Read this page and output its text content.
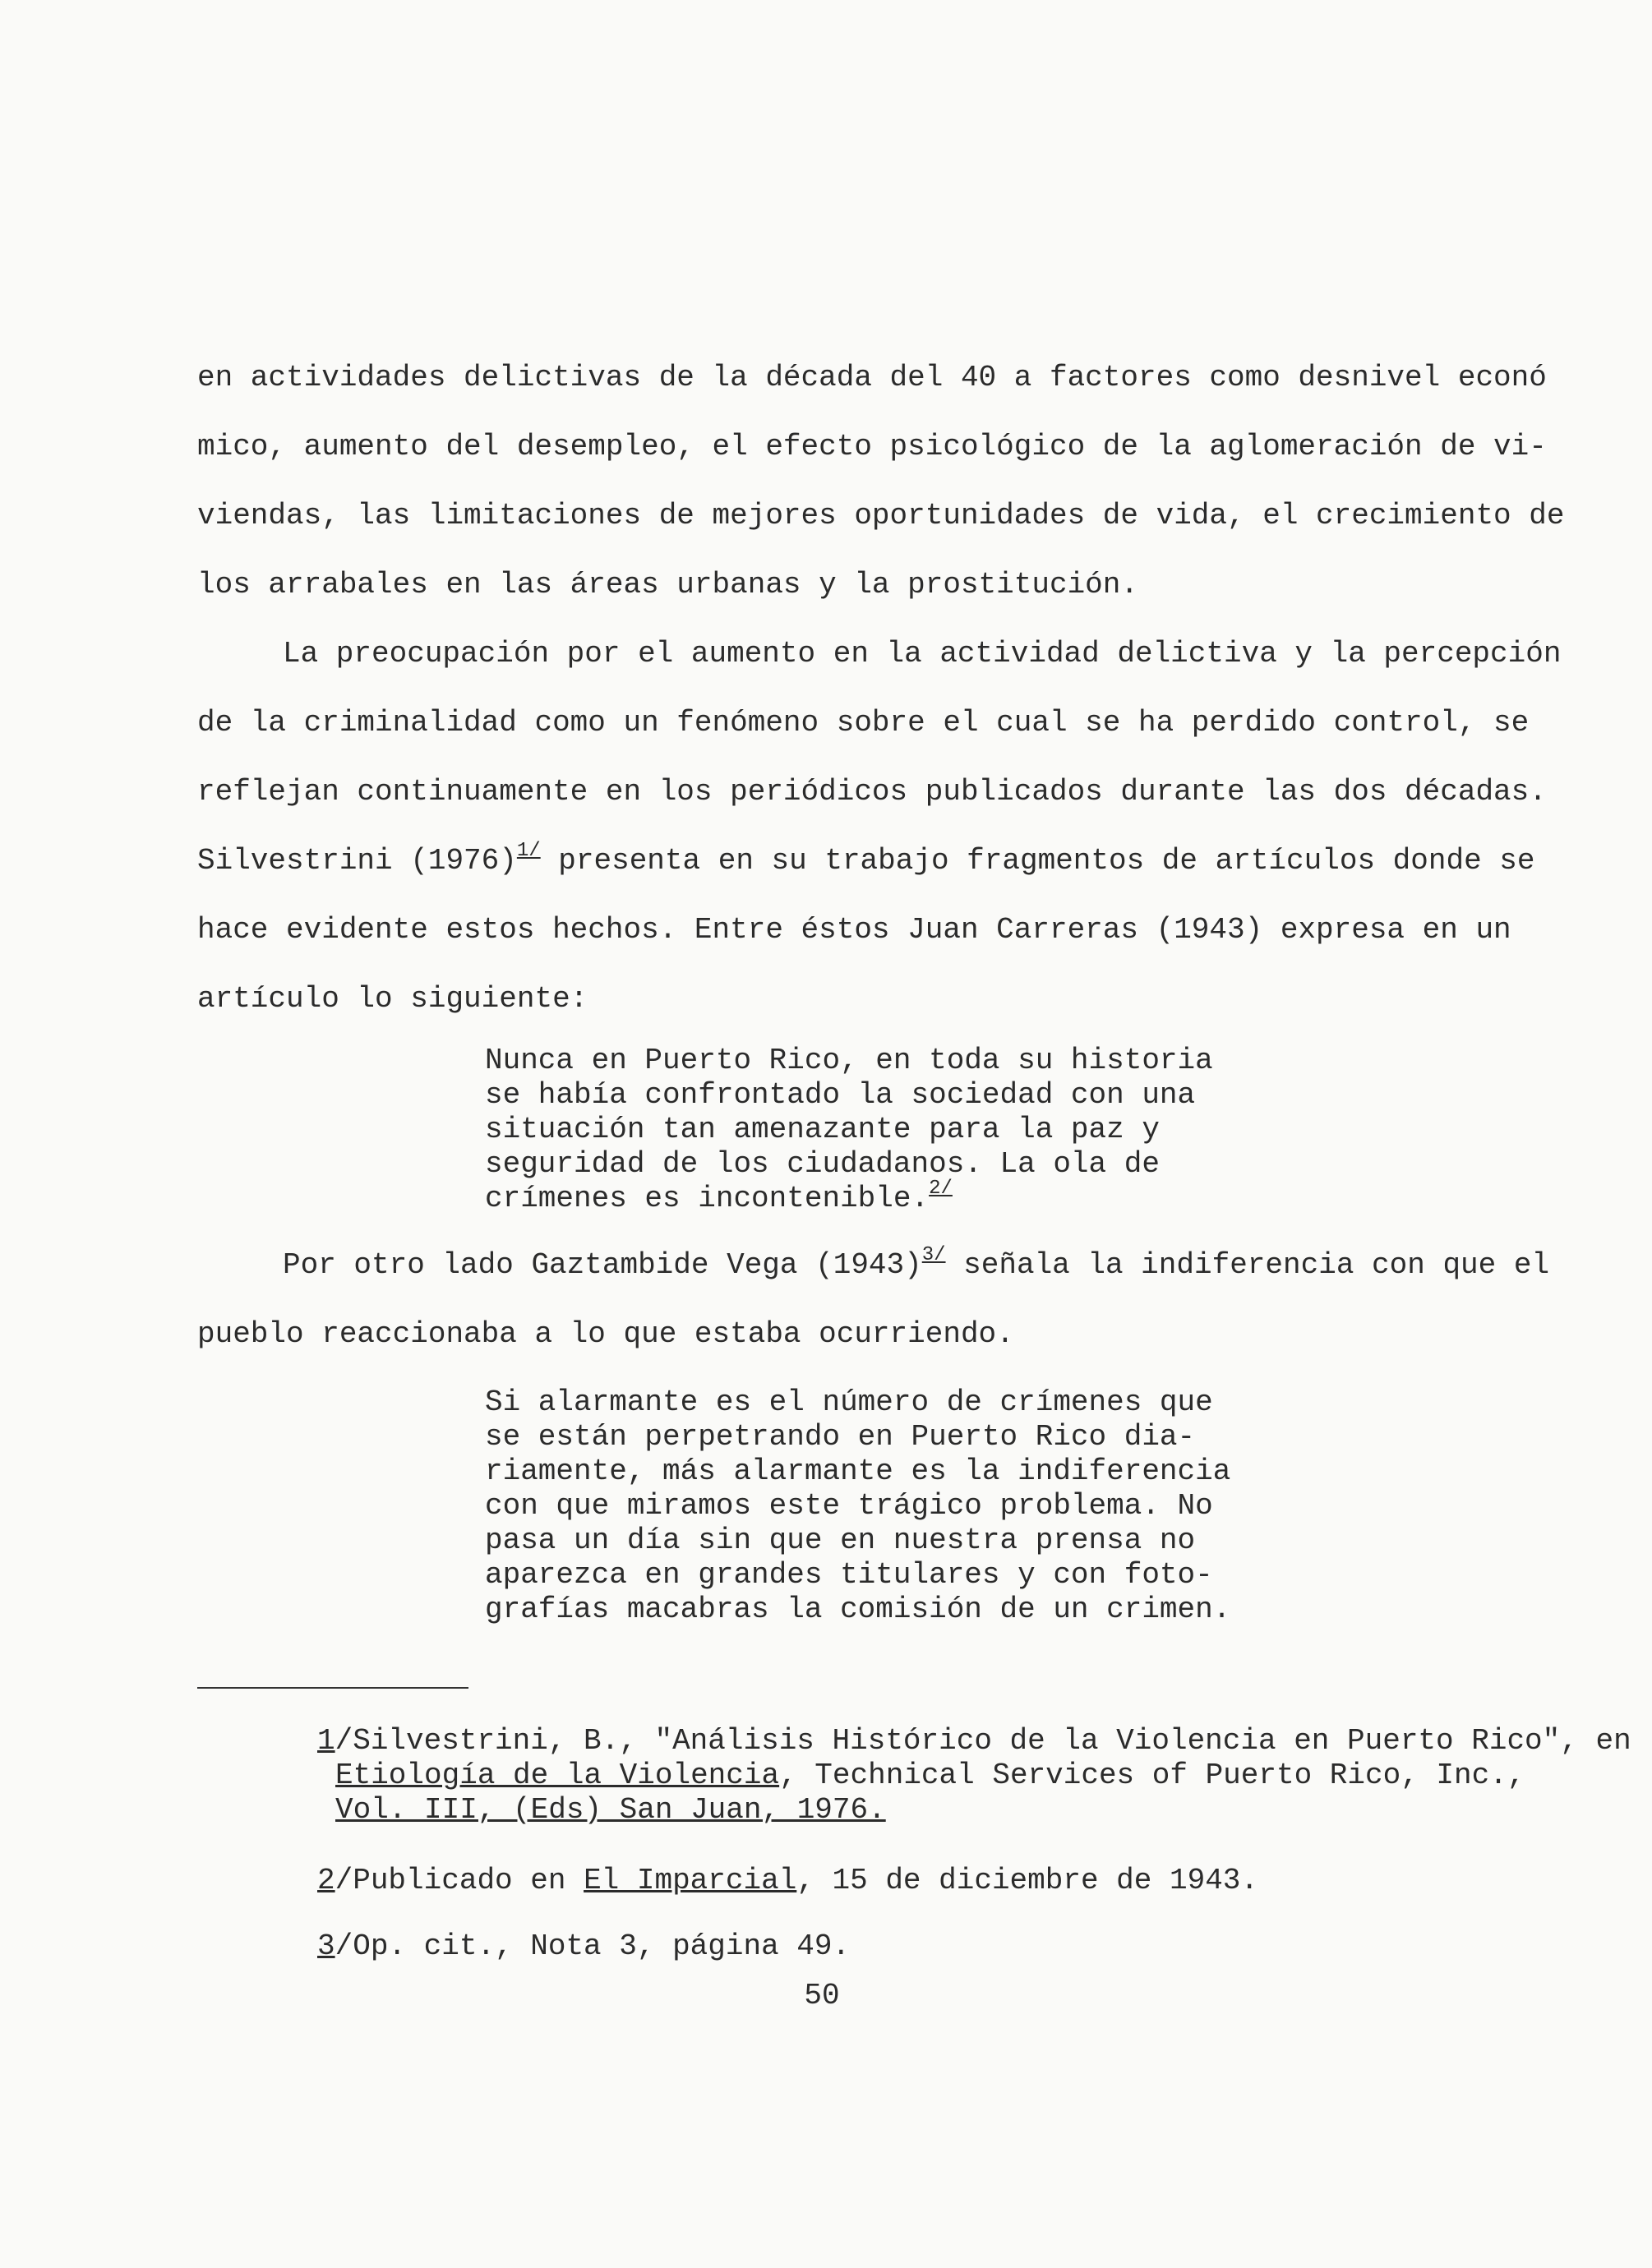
en actividades delictivas de la década del 40 a factores como desnivel econó
mico, aumento del desempleo, el efecto psicológico de la aglomeración de vi-
viendas, las limitaciones de mejores oportunidades de vida, el crecimiento de
los arrabales en las áreas urbanas y la prostitución.
La preocupación por el aumento en la actividad delictiva y la percepción
de la criminalidad como un fenómeno sobre el cual se ha perdido control, se
reflejan continuamente en los periódicos publicados durante las dos décadas.
Silvestrini (1976)$^{1/}$ presenta en su trabajo fragmentos de artículos donde se
hace evidente estos hechos. Entre éstos Juan Carreras (1943) expresa en un
artículo lo siguiente:
Nunca en Puerto Rico, en toda su historia
se había confrontado la sociedad con una
situación tan amenazante para la paz y
seguridad de los ciudadanos. La ola de
crímenes es incontenible.$^{2/}$
Por otro lado Gaztambide Vega (1943)$^{3/}$ señala la indiferencia con que el
pueblo reaccionaba a lo que estaba ocurriendo.
Si alarmante es el número de crímenes que
se están perpetrando en Puerto Rico dia-
riamente, más alarmante es la indiferencia
con que miramos este trágico problema. No
pasa un día sin que en nuestra prensa no
aparezca en grandes titulares y con foto-
grafías macabras la comisión de un crimen.
1/Silvestrini, B., "Análisis Histórico de la Violencia en Puerto Rico", en
Etiología de la Violencia, Technical Services of Puerto Rico, Inc.,
Vol. III, (Eds) San Juan, 1976.
2/Publicado en El Imparcial, 15 de diciembre de 1943.
3/Op. cit., Nota 3, página 49.
50
